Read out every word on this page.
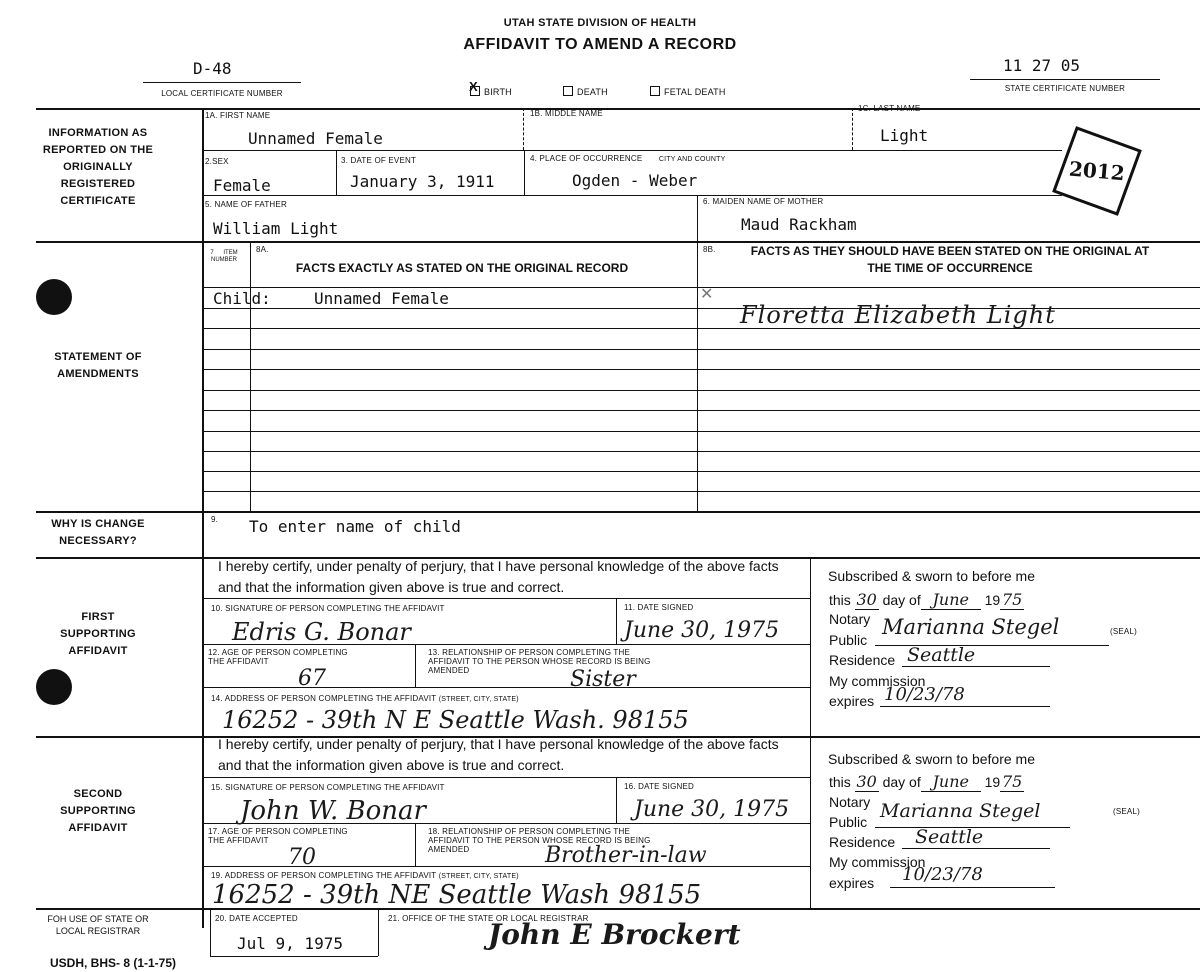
UTAH STATE DIVISION OF HEALTH
AFFIDAVIT TO AMEND A RECORD
D-48
LOCAL CERTIFICATE NUMBER
11 27 05
STATE CERTIFICATE NUMBER
X BIRTH	DEATH	FETAL DEATH
INFORMATION AS REPORTED ON THE ORIGINALLY REGISTERED CERTIFICATE
STATEMENT OF AMENDMENTS
WHY IS CHANGE NECESSARY?
FIRST SUPPORTING AFFIDAVIT
SECOND SUPPORTING AFFIDAVIT
FOH USE OF STATE OR LOCAL REGISTRAR
1A. FIRST NAME
Unnamed Female
1B. MIDDLE NAME
1C. LAST NAME
Light
2.SEX
Female
3. DATE OF EVENT
January 3, 1911
4. PLACE OF OCCURRENCE CITY AND COUNTY
Ogden - Weber
5. NAME OF FATHER
William Light
6. MAIDEN NAME OF MOTHER
Maud Rackham
2012
7 ITEM NUMBER
8A.
FACTS EXACTLY AS STATED ON THE ORIGINAL RECORD
8B.	FACTS AS THEY SHOULD HAVE BEEN STATED ON THE ORIGINAL AT THE TIME OF OCCURRENCE
Child:	Unnamed Female	✕
Floretta Elizabeth Light
9. To enter name of child
I hereby certify, under penalty of perjury, that I have personal knowledge of the above facts and that the information given above is true and correct.
10. SIGNATURE OF PERSON COMPLETING THE AFFIDAVIT
Edris G. Bonar
11. DATE SIGNED
June 30, 1975
12. AGE OF PERSON COMPLETING THE AFFIDAVIT
67
13. RELATIONSHIP OF PERSON COMPLETING THE AFFIDAVIT TO THE PERSON WHOSE RECORD IS BEING AMENDED	Sister
14. ADDRESS OF PERSON COMPLETING THE AFFIDAVIT (STREET, CITY, STATE)
16252 - 39th N E Seattle Wash. 98155
Subscribed & sworn to before me
this 30 day of June 19 75
Notary
Public
Marianna Stegel	(SEAL)
Residence Seattle
My commission
expires 10/23/78
I hereby certify, under penalty of perjury, that I have personal knowledge of the above facts and that the information given above is true and correct.
15. SIGNATURE OF PERSON COMPLETING THE AFFIDAVIT
John W. Bonar
16. DATE SIGNED
June 30, 1975
17. AGE OF PERSON COMPLETING THE AFFIDAVIT
70
18. RELATIONSHIP OF PERSON COMPLETING THE AFFIDAVIT TO THE PERSON WHOSE RECORD IS BEING AMENDED	Brother-in-law
19. ADDRESS OF PERSON COMPLETING THE AFFIDAVIT (STREET, CITY, STATE)
16252 - 39th NE Seattle Wash 98155
Subscribed & sworn to before me
this 30 day of June 19 75
Notary
Public Marianna Stegel	(SEAL)
Residence Seattle
My commission
expires 10/23/78
20. DATE ACCEPTED
Jul 9, 1975
21. OFFICE OF THE STATE OR LOCAL REGISTRAR
John E Brockert
USDH, BHS- 8 (1-1-75)
